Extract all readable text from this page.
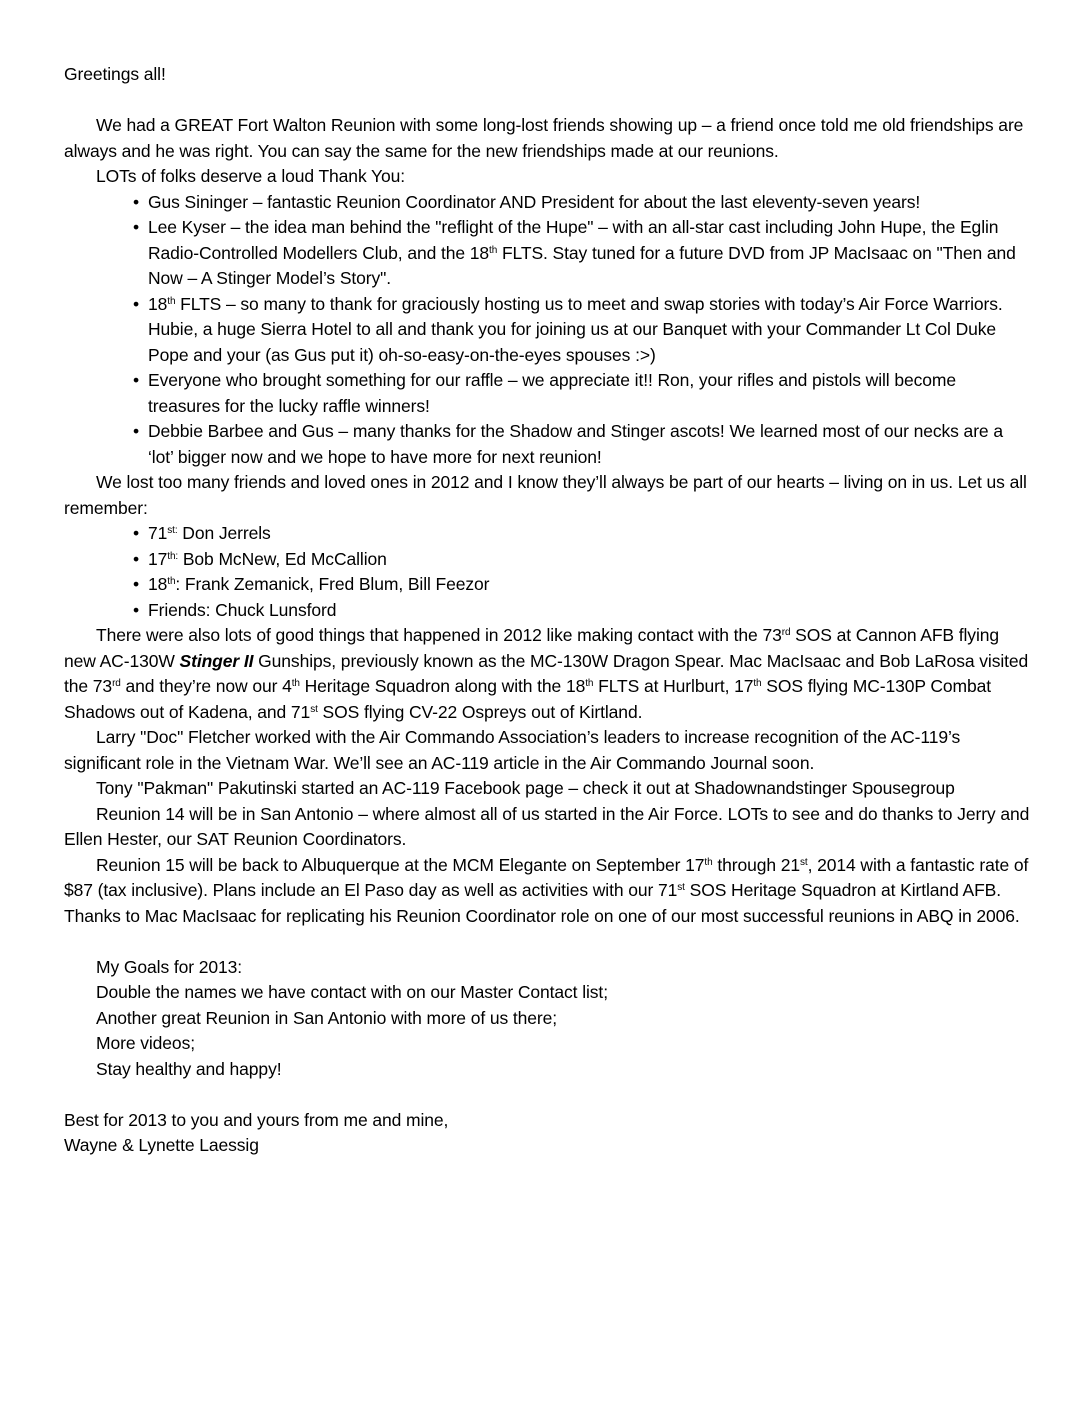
Greetings all!

We had a GREAT Fort Walton Reunion with some long-lost friends showing up – a friend once told me old friendships are always and he was right. You can say the same for the new friendships made at our reunions.

LOTs of folks deserve a loud Thank You:

• Gus Sininger – fantastic Reunion Coordinator AND President for about the last eleventy-seven years!
• Lee Kyser – the idea man behind the "reflight of the Hupe" – with an all-star cast including John Hupe, the Eglin Radio-Controlled Modellers Club, and the 18th FLTS. Stay tuned for a future DVD from JP MacIsaac on "Then and Now – A Stinger Model’s Story".
• 18th FLTS – so many to thank for graciously hosting us to meet and swap stories with today’s Air Force Warriors. Hubie, a huge Sierra Hotel to all and thank you for joining us at our Banquet with your Commander Lt Col Duke Pope and your (as Gus put it) oh-so-easy-on-the-eyes spouses :>)
• Everyone who brought something for our raffle – we appreciate it!! Ron, your rifles and pistols will become treasures for the lucky raffle winners!
• Debbie Barbee and Gus – many thanks for the Shadow and Stinger ascots! We learned most of our necks are a ‘lot’ bigger now and we hope to have more for next reunion!

We lost too many friends and loved ones in 2012 and I know they’ll always be part of our hearts – living on in us. Let us all remember:

• $71^{st:}$ Don Jerrels
• $17^{th:}$ Bob McNew, Ed McCallion
• 18th: Frank Zemanick, Fred Blum, Bill Feezor
• Friends: Chuck Lunsford

There were also lots of good things that happened in 2012 like making contact with the 73rd SOS at Cannon AFB flying new AC-130W Stinger II Gunships, previously known as the MC-130W Dragon Spear. Mac MacIsaac and Bob LaRosa visited the 73rd and they’re now our 4th Heritage Squadron along with the 18th FLTS at Hurlburt, 17th SOS flying MC-130P Combat Shadows out of Kadena, and 71st SOS flying CV-22 Ospreys out of Kirtland.

Larry "Doc" Fletcher worked with the Air Commando Association’s leaders to increase recognition of the AC-119’s significant role in the Vietnam War. We’ll see an AC-119 article in the Air Commando Journal soon.

Tony "Pakman" Pakutinski started an AC-119 Facebook page – check it out at Shadownandstinger Spousegroup

Reunion 14 will be in San Antonio – where almost all of us started in the Air Force. LOTs to see and do thanks to Jerry and Ellen Hester, our SAT Reunion Coordinators.

Reunion 15 will be back to Albuquerque at the MCM Elegante on September 17th through 21st, 2014 with a fantastic rate of $87 (tax inclusive). Plans include an El Paso day as well as activities with our 71st SOS Heritage Squadron at Kirtland AFB. Thanks to Mac MacIsaac for replicating his Reunion Coordinator role on one of our most successful reunions in ABQ in 2006.

My Goals for 2013:

Double the names we have contact with on our Master Contact list;

Another great Reunion in San Antonio with more of us there;

More videos;

Stay healthy and happy!

Best for 2013 to you and yours from me and mine,

Wayne & Lynette Laessig
